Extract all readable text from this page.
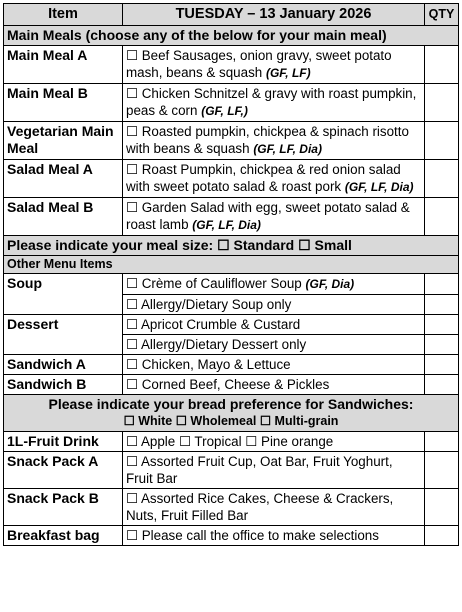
Item	TUESDAY – 13 January 2026	QTY
Main Meals (choose any of the below for your main meal)		
Main Meal A	☐ Beef Sausages, onion gravy, sweet potato mash, beans & squash (GF, LF)	
Main Meal B	☐ Chicken Schnitzel & gravy with roast pumpkin, peas & corn (GF, LF,)	
Vegetarian Main Meal	☐ Roasted pumpkin, chickpea & spinach risotto with beans & squash (GF, LF, Dia)	
Salad Meal A	☐ Roast Pumpkin, chickpea & red onion salad with sweet potato salad & roast pork (GF, LF, Dia)	
Salad Meal B	☐ Garden Salad with egg, sweet potato salad & roast lamb (GF, LF, Dia)	
Please indicate your meal size: ☐ Standard ☐ Small		
Other Menu Items		
Soup	☐ Crème of Cauliflower Soup (GF, Dia)	
	☐ Allergy/Dietary Soup only	
Dessert	☐ Apricot Crumble & Custard	
	☐ Allergy/Dietary Dessert only	
Sandwich A	☐ Chicken, Mayo & Lettuce	
Sandwich B	☐ Corned Beef, Cheese & Pickles	

Please indicate your bread preference for Sandwiches:
☐ White ☐ Wholemeal ☐ Multi-grain		

1L-Fruit Drink	☐ Apple ☐ Tropical ☐ Pine orange	
Snack Pack A	☐ Assorted Fruit Cup, Oat Bar, Fruit Yoghurt, Fruit Bar	
Snack Pack B	☐ Assorted Rice Cakes, Cheese & Crackers, Nuts, Fruit Filled Bar	
Breakfast bag	☐ Please call the office to make selections	
